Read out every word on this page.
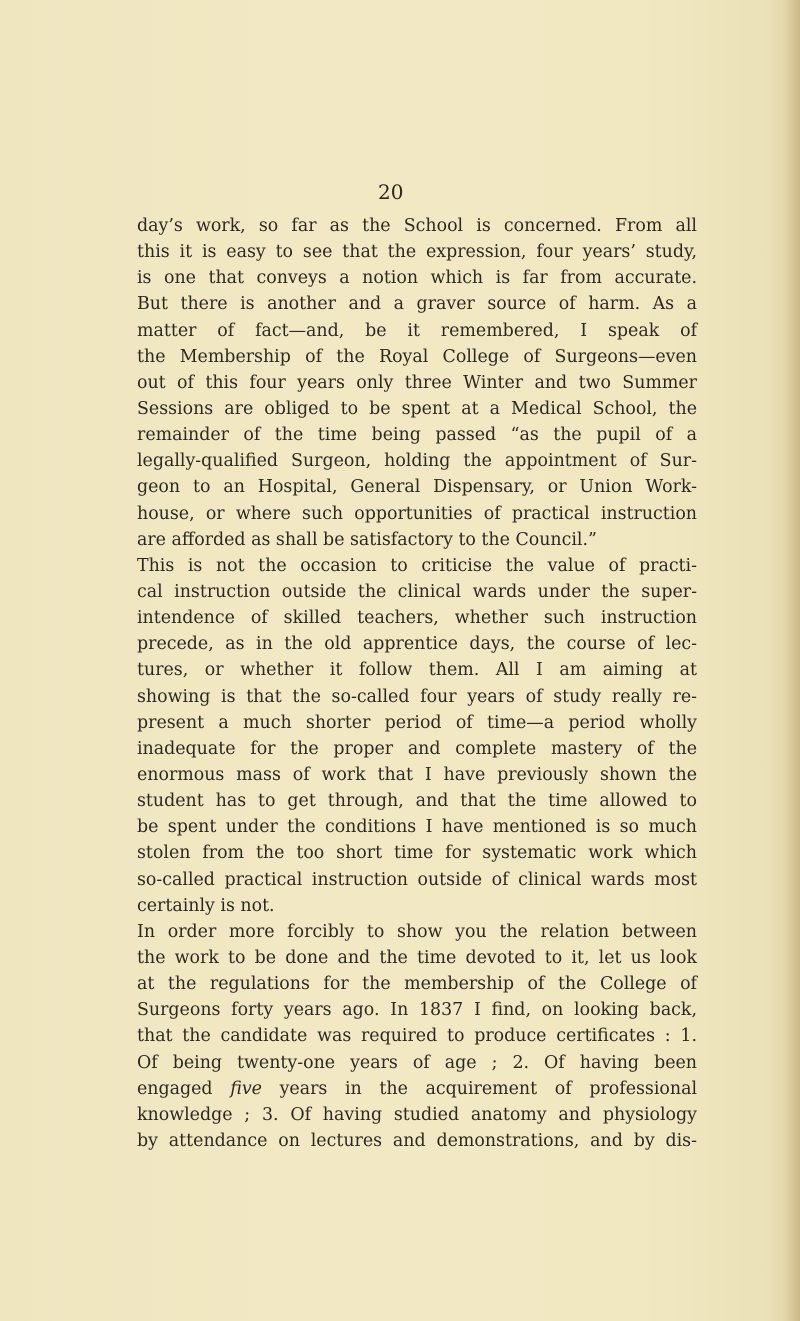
20
day’s work, so far as the School is concerned. From all
this it is easy to see that the expression, four years’ study,
is one that conveys a notion which is far from accurate.
But there is another and a graver source of harm. As a
matter of fact—and, be it remembered, I speak of
the Membership of the Royal College of Surgeons—even
out of this four years only three Winter and two Summer
Sessions are obliged to be spent at a Medical School, the
remainder of the time being passed “as the pupil of a
legally-qualified Surgeon, holding the appointment of Sur-
geon to an Hospital, General Dispensary, or Union Work-
house, or where such opportunities of practical instruction
are afforded as shall be satisfactory to the Council.”
This is not the occasion to criticise the value of practi-
cal instruction outside the clinical wards under the super-
intendence of skilled teachers, whether such instruction
precede, as in the old apprentice days, the course of lec-
tures, or whether it follow them. All I am aiming at
showing is that the so-called four years of study really re-
present a much shorter period of time—a period wholly
inadequate for the proper and complete mastery of the
enormous mass of work that I have previously shown the
student has to get through, and that the time allowed to
be spent under the conditions I have mentioned is so much
stolen from the too short time for systematic work which
so-called practical instruction outside of clinical wards most
certainly is not.
In order more forcibly to show you the relation between
the work to be done and the time devoted to it, let us look
at the regulations for the membership of the College of
Surgeons forty years ago. In 1837 I find, on looking back,
that the candidate was required to produce certificates : 1.
Of being twenty-one years of age ; 2. Of having been
engaged five years in the acquirement of professional
knowledge ; 3. Of having studied anatomy and physiology
by attendance on lectures and demonstrations, and by dis-
